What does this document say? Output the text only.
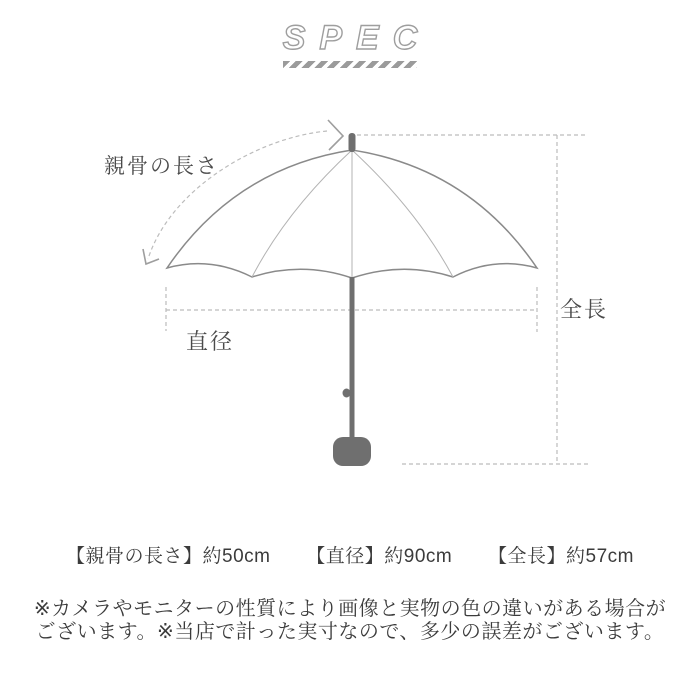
SPEC
親骨の長さ
直径
全長
【親骨の長さ】約50cm 【直径】約90cm 【全長】約57cm
※カメラやモニターの性質により画像と実物の色の違いがある場合が
ございます。※当店で計った実寸なので、多少の誤差がございます。
